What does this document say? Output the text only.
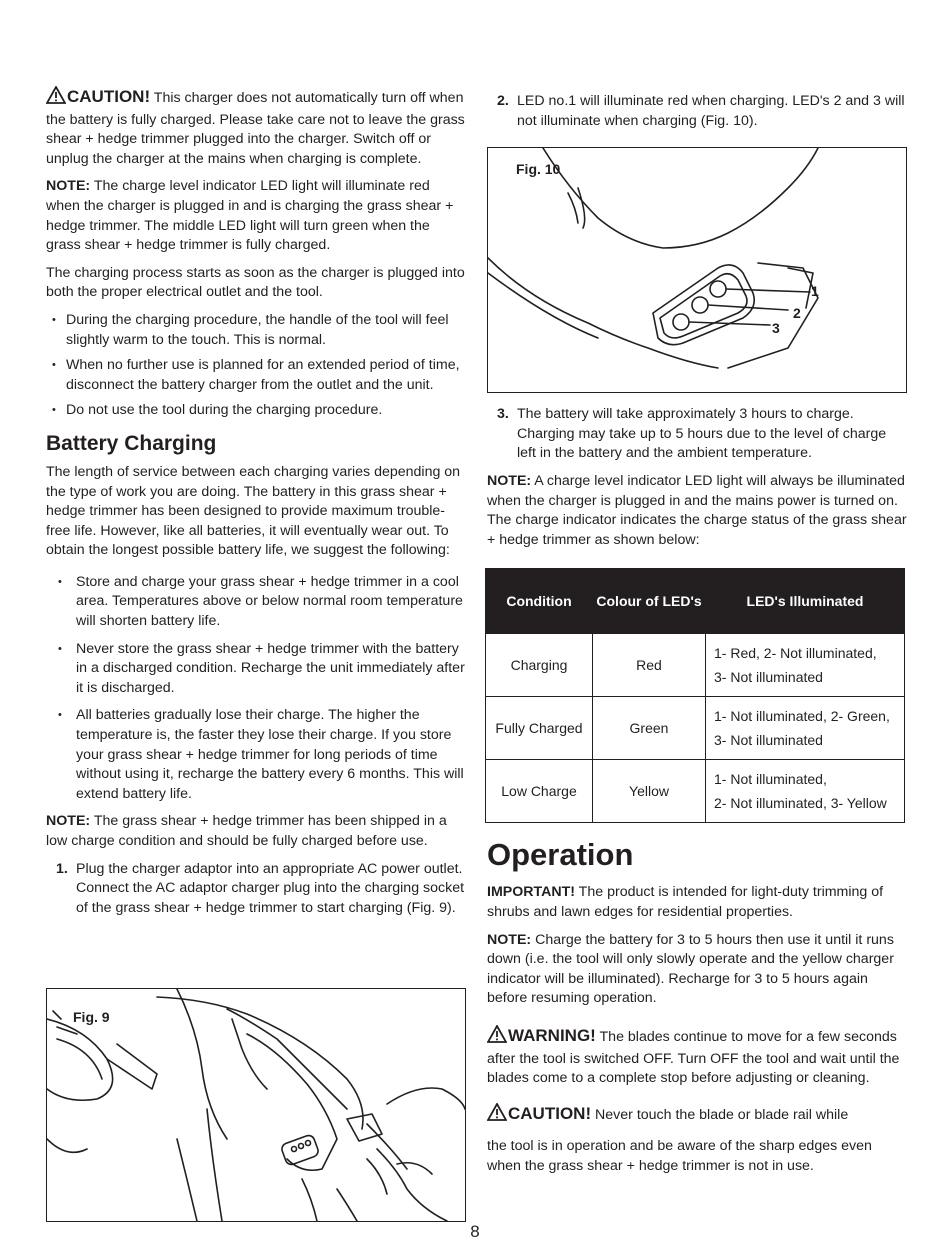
CAUTION! This charger does not automatically turn off when the battery is fully charged. Please take care not to leave the grass shear + hedge trimmer plugged into the charger. Switch off or unplug the charger at the mains when charging is complete.

NOTE: The charge level indicator LED light will illuminate red when the charger is plugged in and is charging the grass shear + hedge trimmer. The middle LED light will turn green when the grass shear + hedge trimmer is fully charged.

The charging process starts as soon as the charger is plugged into both the proper electrical outlet and the tool.

• During the charging procedure, the handle of the tool will feel slightly warm to the touch. This is normal.
• When no further use is planned for an extended period of time, disconnect the battery charger from the outlet and the unit.
• Do not use the tool during the charging procedure.
Battery Charging

The length of service between each charging varies depending on the type of work you are doing. The battery in this grass shear + hedge trimmer has been designed to provide maximum trouble-free life. However, like all batteries, it will eventually wear out. To obtain the longest possible battery life, we suggest the following:

• Store and charge your grass shear + hedge trimmer in a cool area. Temperatures above or below normal room temperature will shorten battery life.
• Never store the grass shear + hedge trimmer with the battery in a discharged condition. Recharge the unit immediately after it is discharged.
• All batteries gradually lose their charge. The higher the temperature is, the faster they lose their charge. If you store your grass shear + hedge trimmer for long periods of time without using it, recharge the battery every 6 months. This will extend battery life.

NOTE: The grass shear + hedge trimmer has been shipped in a low charge condition and should be fully charged before use.

1. Plug the charger adaptor into an appropriate AC power outlet. Connect the AC adaptor charger plug into the charging socket of the grass shear + hedge trimmer to start charging (Fig. 9).
Fig. 9
2. LED no.1 will illuminate red when charging. LED's 2 and 3 will not illuminate when charging (Fig. 10).
Fig. 10
1
2
3
3. The battery will take approximately 3 hours to charge. Charging may take up to 5 hours due to the level of charge left in the battery and the ambient temperature.

NOTE: A charge level indicator LED light will always be illuminated when the charger is plugged in and the mains power is turned on. The charge indicator indicates the charge status of the grass shear + hedge trimmer as shown below:

Condition	Colour of LED's	LED's Illuminated
Charging	Red	1- Red, 2- Not illuminated,
3- Not illuminated
Fully Charged	Green	1- Not illuminated, 2- Green,
3- Not illuminated
Low Charge	Yellow	1- Not illuminated,
2- Not illuminated, 3- Yellow
Operation

IMPORTANT! The product is intended for light-duty trimming of shrubs and lawn edges for residential properties.

NOTE: Charge the battery for 3 to 5 hours then use it until it runs down (i.e. the tool will only slowly operate and the yellow charger indicator will be illuminated). Recharge for 3 to 5 hours again before resuming operation.

WARNING! The blades continue to move for a few seconds after the tool is switched OFF. Turn OFF the tool and wait until the blades come to a complete stop before adjusting or cleaning.

CAUTION! Never touch the blade or blade rail while

the tool is in operation and be aware of the sharp edges even when the grass shear + hedge trimmer is not in use.

8
